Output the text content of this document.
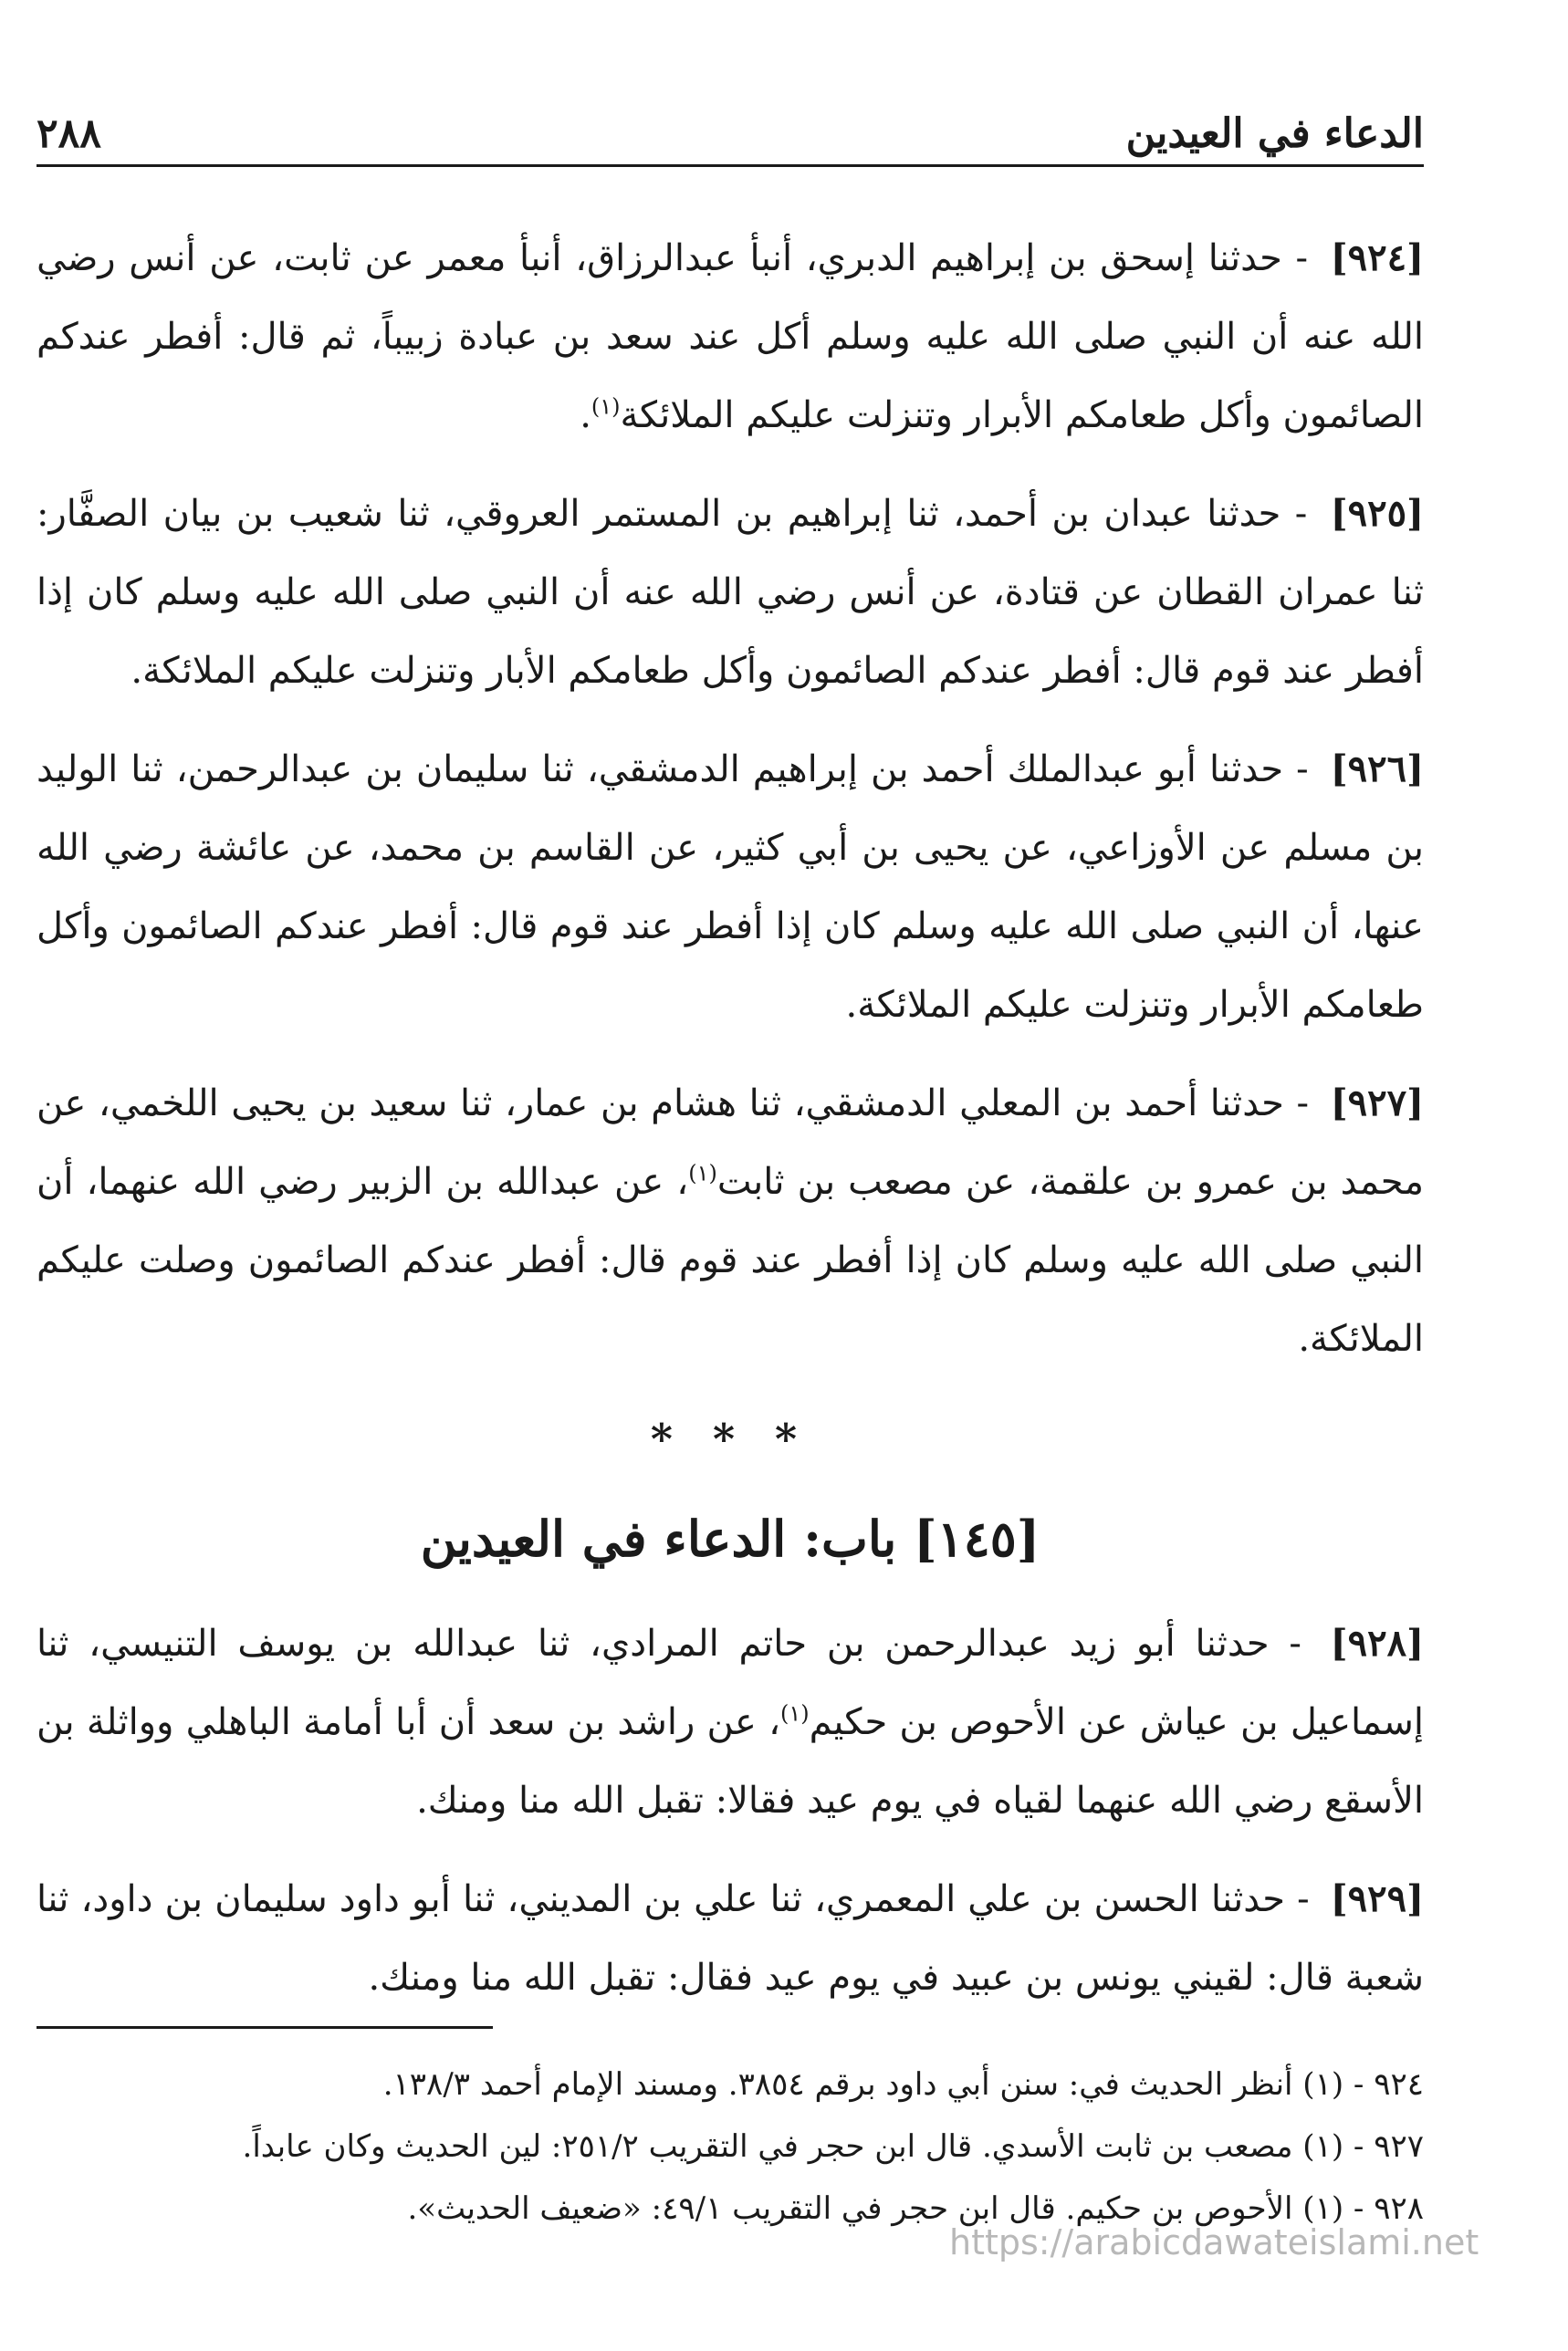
الدعاء في العيدين
٢٨٨

[٩٢٤] - حدثنا إسحق بن إبراهيم الدبري، أنبأ عبدالرزاق، أنبأ معمر عن ثابت، عن أنس رضي الله عنه أن النبي صلى الله عليه وسلم أكل عند سعد بن عبادة زبيباً، ثم قال: أفطر عندكم الصائمون وأكل طعامكم الأبرار وتنزلت عليكم الملائكة$^{(١)}$.

[٩٢٥] - حدثنا عبدان بن أحمد، ثنا إبراهيم بن المستمر العروقي، ثنا شعيب بن بيان الصفَّار: ثنا عمران القطان عن قتادة، عن أنس رضي الله عنه أن النبي صلى الله عليه وسلم كان إذا أفطر عند قوم قال: أفطر عندكم الصائمون وأكل طعامكم الأبار وتنزلت عليكم الملائكة.

[٩٢٦] - حدثنا أبو عبدالملك أحمد بن إبراهيم الدمشقي، ثنا سليمان بن عبدالرحمن، ثنا الوليد بن مسلم عن الأوزاعي، عن يحيى بن أبي كثير، عن القاسم بن محمد، عن عائشة رضي الله عنها، أن النبي صلى الله عليه وسلم كان إذا أفطر عند قوم قال: أفطر عندكم الصائمون وأكل طعامكم الأبرار وتنزلت عليكم الملائكة.

[٩٢٧] - حدثنا أحمد بن المعلي الدمشقي، ثنا هشام بن عمار، ثنا سعيد بن يحيى اللخمي، عن محمد بن عمرو بن علقمة، عن مصعب بن ثابت$^{(١)}$، عن عبدالله بن الزبير رضي الله عنهما، أن النبي صلى الله عليه وسلم كان إذا أفطر عند قوم قال: أفطر عندكم الصائمون وصلت عليكم الملائكة.

* * *
[١٤٥] باب: الدعاء في العيدين

[٩٢٨] - حدثنا أبو زيد عبدالرحمن بن حاتم المرادي، ثنا عبدالله بن يوسف التنيسي، ثنا إسماعيل بن عياش عن الأحوص بن حكيم$^{(١)}$، عن راشد بن سعد أن أبا أمامة الباهلي وواثلة بن الأسقع رضي الله عنهما لقياه في يوم عيد فقالا: تقبل الله منا ومنك.

[٩٢٩] - حدثنا الحسن بن علي المعمري، ثنا علي بن المديني، ثنا أبو داود سليمان بن داود، ثنا شعبة قال: لقيني يونس بن عبيد في يوم عيد فقال: تقبل الله منا ومنك.

٩٢٤ - (١) أنظر الحديث في: سنن أبي داود برقم ٣٨٥٤. ومسند الإمام أحمد ١٣٨/٣.

٩٢٧ - (١) مصعب بن ثابت الأسدي. قال ابن حجر في التقريب ٢٥١/٢: لين الحديث وكان عابداً.

٩٢٨ - (١) الأحوص بن حكيم. قال ابن حجر في التقريب ٤٩/١: «ضعيف الحديث».

https://arabicdawateislami.net
